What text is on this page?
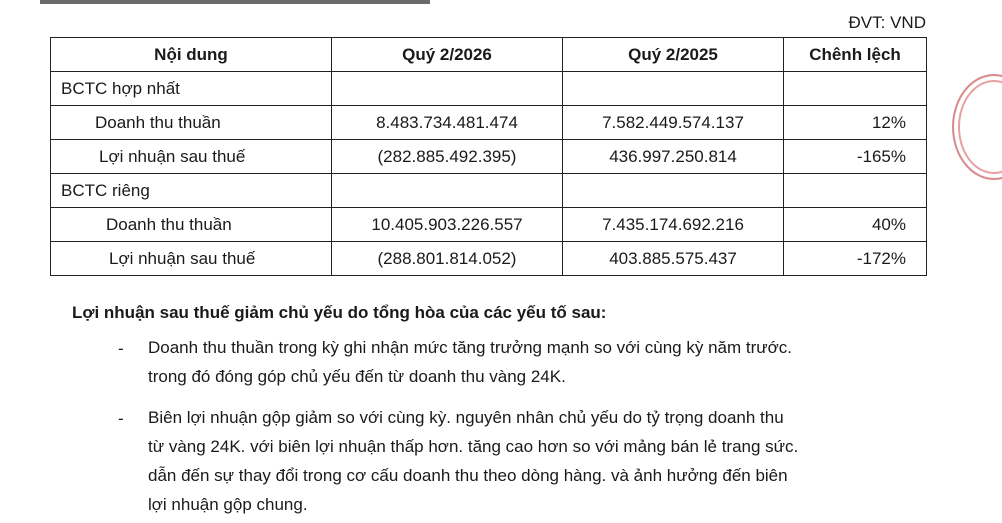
ĐVT: VND
Nội dung	Quý 2/2026	Quý 2/2025	Chênh lệch
BCTC hợp nhất			
Doanh thu thuần	8.483.734.481.474	7.582.449.574.137	12%
Lợi nhuận sau thuế	(282.885.492.395)	436.997.250.814	-165%
BCTC riêng			
Doanh thu thuần	10.405.903.226.557	7.435.174.692.216	40%
Lợi nhuận sau thuế	(288.801.814.052)	403.885.575.437	-172%
Lợi nhuận sau thuế giảm chủ yếu do tổng hòa của các yếu tố sau:
- Doanh thu thuần trong kỳ ghi nhận mức tăng trưởng mạnh so với cùng kỳ năm trước.
trong đó đóng góp chủ yếu đến từ doanh thu vàng 24K.
- Biên lợi nhuận gộp giảm so với cùng kỳ. nguyên nhân chủ yếu do tỷ trọng doanh thu
từ vàng 24K. với biên lợi nhuận thấp hơn. tăng cao hơn so với mảng bán lẻ trang sức.
dẫn đến sự thay đổi trong cơ cấu doanh thu theo dòng hàng. và ảnh hưởng đến biên
lợi nhuận gộp chung.
